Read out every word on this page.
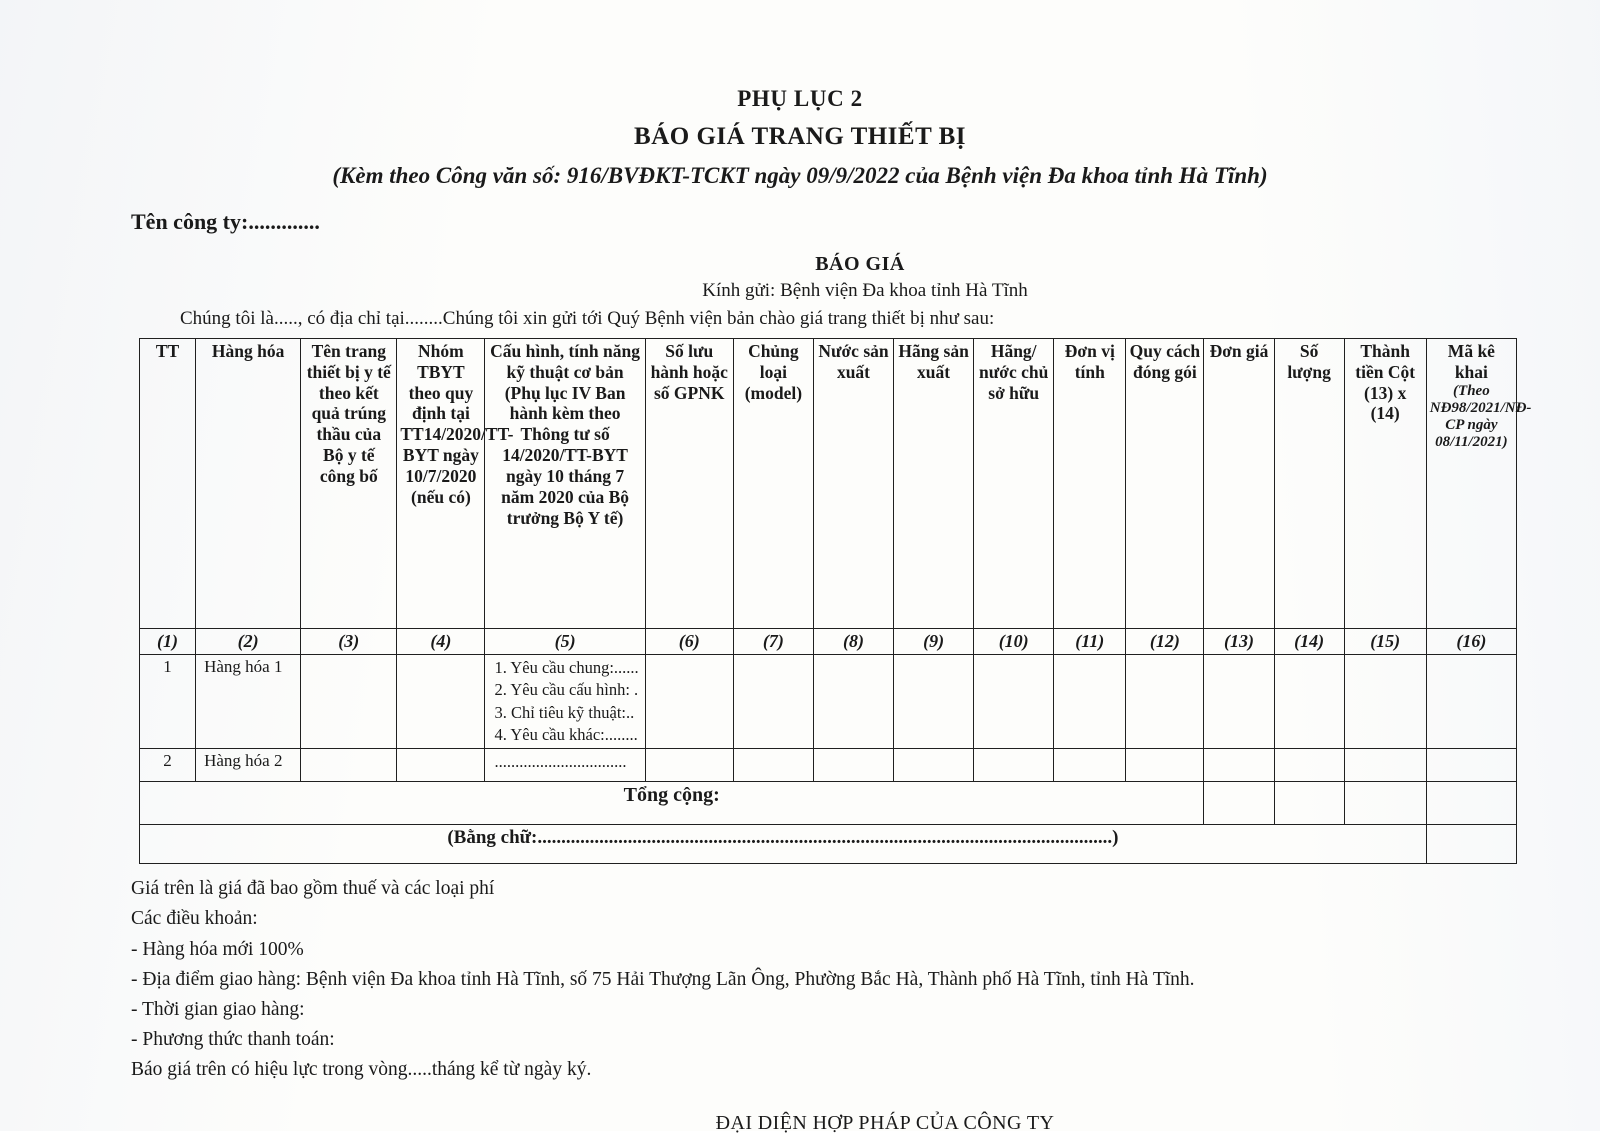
PHỤ LỤC 2
BÁO GIÁ TRANG THIẾT BỊ
(Kèm theo Công văn số: 916/BVĐKT-TCKT ngày 09/9/2022 của Bệnh viện Đa khoa tỉnh Hà Tĩnh)
Tên công ty:.............
BÁO GIÁ
Kính gửi: Bệnh viện Đa khoa tỉnh Hà Tĩnh
Chúng tôi là....., có địa chỉ tại........Chúng tôi xin gửi tới Quý Bệnh viện bản chào giá trang thiết bị như sau:
TT	Hàng hóa	Tên trang thiết bị y tế theo kết quả trúng thầu của Bộ y tế công bố	Nhóm TBYT theo quy định tại TT14/2020/TT-BYT ngày 10/7/2020 (nếu có)	Cấu hình, tính năng kỹ thuật cơ bản (Phụ lục IV Ban hành kèm theo Thông tư số 14/2020/TT-BYT ngày 10 tháng 7 năm 2020 của Bộ trưởng Bộ Y tế)	Số lưu hành hoặc số GPNK	Chủng loại (model)	Nước sản xuất	Hãng sản xuất	Hãng/ nước chủ sở hữu	Đơn vị tính	Quy cách đóng gói	Đơn giá	Số lượng	Thành tiền Cột (13) x (14)	Mã kê khai
(Theo NĐ98/2021/NĐ-CP ngày 08/11/2021)

(1)	(2)	(3)	(4)	(5)	(6)	(7)	(8)	(9)	(10)	(11)	(12)	(13)	(14)	(15)	(16)
1	Hàng hóa 1			1. Yêu cầu chung:......
2. Yêu cầu cấu hình: .
3. Chỉ tiêu kỹ thuật:..
4. Yêu cầu khác:........											

2	Hàng hóa 2			................................											

Tổng cộng:															
(Bằng chữ:.........................................................................................................................)															
Giá trên là giá đã bao gồm thuế và các loại phí
Các điều khoản:
- Hàng hóa mới 100%
- Địa điểm giao hàng: Bệnh viện Đa khoa tỉnh Hà Tĩnh, số 75 Hải Thượng Lãn Ông, Phường Bắc Hà, Thành phố Hà Tĩnh, tỉnh Hà Tĩnh.
- Thời gian giao hàng:
- Phương thức thanh toán:
Báo giá trên có hiệu lực trong vòng.....tháng kể từ ngày ký.
ĐẠI DIỆN HỢP PHÁP CỦA CÔNG TY
